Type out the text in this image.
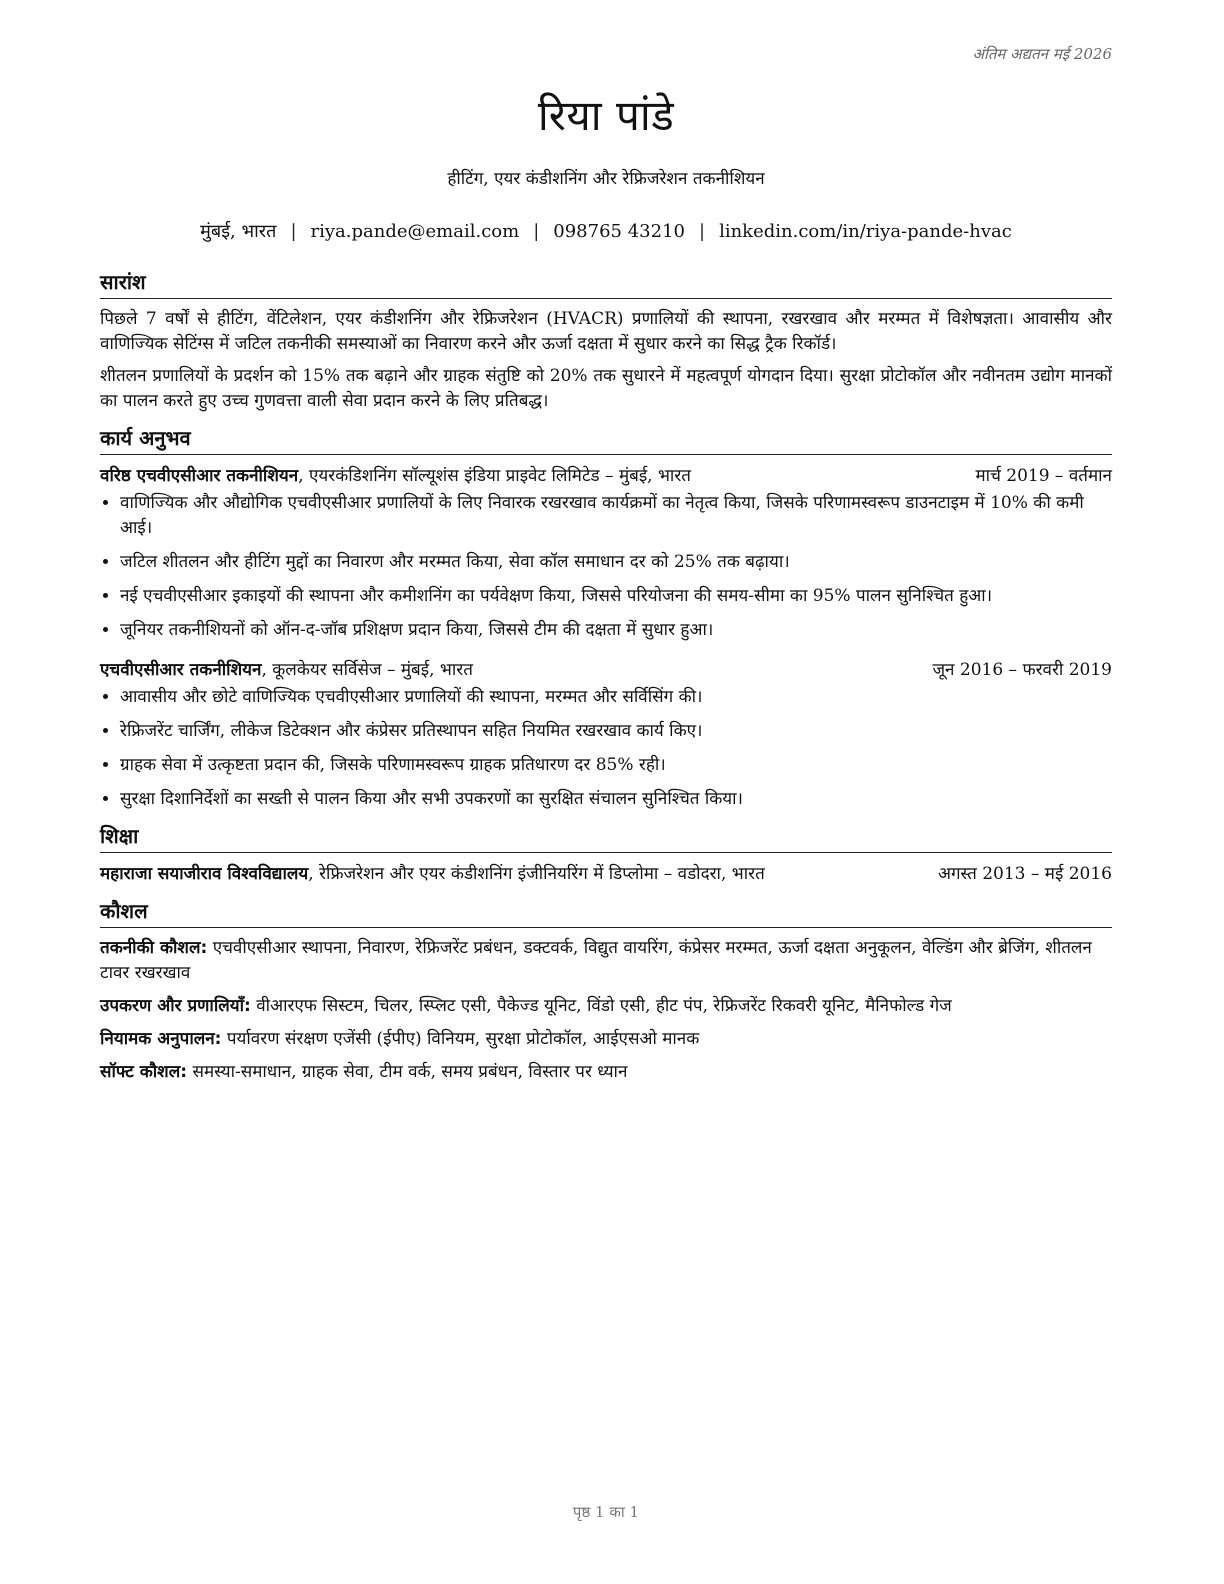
अंतिम अद्यतन मई 2026
रिया पांडे
हीटिंग, एयर कंडीशनिंग और रेफ्रिजरेशन तकनीशियन
मुंबई, भारत | riya.pande@email.com | 098765 43210 | linkedin.com/in/riya-pande-hvac
सारांश

पिछले 7 वर्षों से हीटिंग, वेंटिलेशन, एयर कंडीशनिंग और रेफ्रिजरेशन (HVACR) प्रणालियों की स्थापना, रखरखाव और मरम्मत में विशेषज्ञता। आवासीय और वाणिज्यिक सेटिंग्स में जटिल तकनीकी समस्याओं का निवारण करने और ऊर्जा दक्षता में सुधार करने का सिद्ध ट्रैक रिकॉर्ड।

शीतलन प्रणालियों के प्रदर्शन को 15% तक बढ़ाने और ग्राहक संतुष्टि को 20% तक सुधारने में महत्वपूर्ण योगदान दिया। सुरक्षा प्रोटोकॉल और नवीनतम उद्योग मानकों का पालन करते हुए उच्च गुणवत्ता वाली सेवा प्रदान करने के लिए प्रतिबद्ध।

कार्य अनुभव
वरिष्ठ एचवीएसीआर तकनीशियन, एयरकंडिशनिंग सॉल्यूशंस इंडिया प्राइवेट लिमिटेड – मुंबई, भारत	मार्च 2019 – वर्तमान
• वाणिज्यिक और औद्योगिक एचवीएसीआर प्रणालियों के लिए निवारक रखरखाव कार्यक्रमों का नेतृत्व किया, जिसके परिणामस्वरूप डाउनटाइम में 10% की कमी आई।
• जटिल शीतलन और हीटिंग मुद्दों का निवारण और मरम्मत किया, सेवा कॉल समाधान दर को 25% तक बढ़ाया।
• नई एचवीएसीआर इकाइयों की स्थापना और कमीशनिंग का पर्यवेक्षण किया, जिससे परियोजना की समय-सीमा का 95% पालन सुनिश्चित हुआ।
• जूनियर तकनीशियनों को ऑन-द-जॉब प्रशिक्षण प्रदान किया, जिससे टीम की दक्षता में सुधार हुआ।
एचवीएसीआर तकनीशियन, कूलकेयर सर्विसेज – मुंबई, भारत	जून 2016 – फरवरी 2019
• आवासीय और छोटे वाणिज्यिक एचवीएसीआर प्रणालियों की स्थापना, मरम्मत और सर्विसिंग की।
• रेफ्रिजरेंट चार्जिंग, लीकेज डिटेक्शन और कंप्रेसर प्रतिस्थापन सहित नियमित रखरखाव कार्य किए।
• ग्राहक सेवा में उत्कृष्टता प्रदान की, जिसके परिणामस्वरूप ग्राहक प्रतिधारण दर 85% रही।
• सुरक्षा दिशानिर्देशों का सख्ती से पालन किया और सभी उपकरणों का सुरक्षित संचालन सुनिश्चित किया।
शिक्षा
महाराजा सयाजीराव विश्वविद्यालय, रेफ्रिजरेशन और एयर कंडीशनिंग इंजीनियरिंग में डिप्लोमा – वडोदरा, भारत	अगस्त 2013 – मई 2016
कौशल
तकनीकी कौशल: एचवीएसीआर स्थापना, निवारण, रेफ्रिजरेंट प्रबंधन, डक्टवर्क, विद्युत वायरिंग, कंप्रेसर मरम्मत, ऊर्जा दक्षता अनुकूलन, वेल्डिंग और ब्रेजिंग, शीतलन टावर रखरखाव
उपकरण और प्रणालियाँ: वीआरएफ सिस्टम, चिलर, स्प्लिट एसी, पैकेज्ड यूनिट, विंडो एसी, हीट पंप, रेफ्रिजरेंट रिकवरी यूनिट, मैनिफोल्ड गेज
नियामक अनुपालन: पर्यावरण संरक्षण एजेंसी (ईपीए) विनियम, सुरक्षा प्रोटोकॉल, आईएसओ मानक
सॉफ्ट कौशल: समस्या-समाधान, ग्राहक सेवा, टीम वर्क, समय प्रबंधन, विस्तार पर ध्यान
पृष्ठ 1 का 1
